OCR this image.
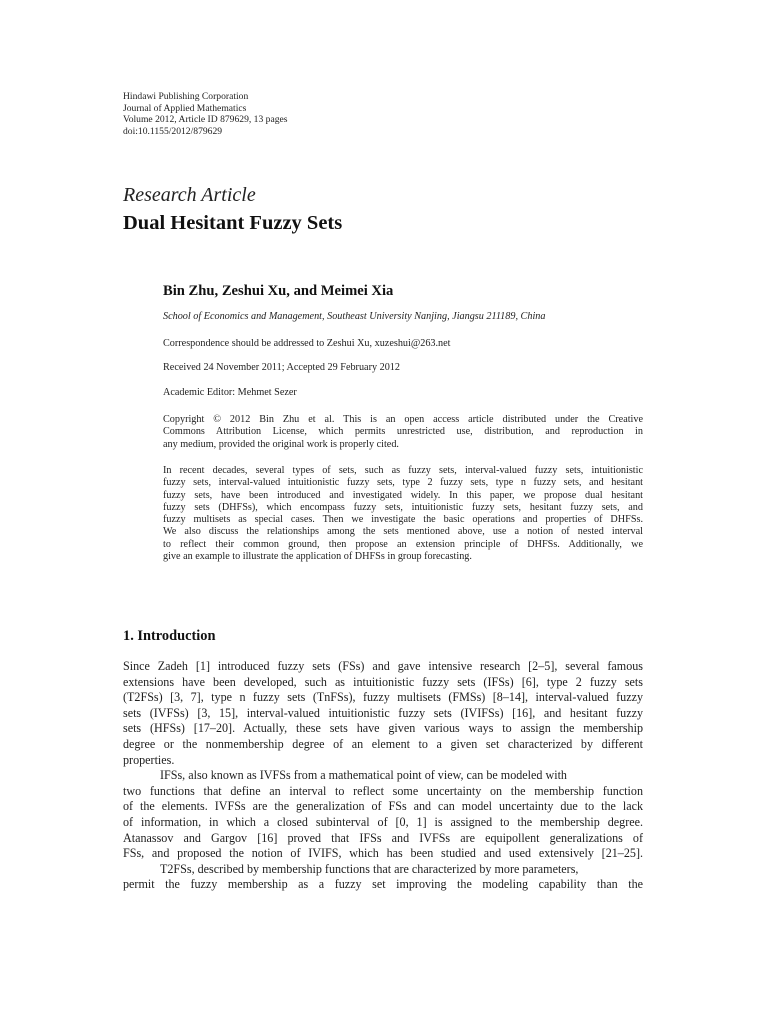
Hindawi Publishing Corporation
Journal of Applied Mathematics
Volume 2012, Article ID 879629, 13 pages
doi:10.1155/2012/879629
Research Article
Dual Hesitant Fuzzy Sets
Bin Zhu, Zeshui Xu, and Meimei Xia
School of Economics and Management, Southeast University Nanjing, Jiangsu 211189, China
Correspondence should be addressed to Zeshui Xu, xuzeshui@263.net
Received 24 November 2011; Accepted 29 February 2012
Academic Editor: Mehmet Sezer
Copyright © 2012 Bin Zhu et al. This is an open access article distributed under the Creative
Commons Attribution License, which permits unrestricted use, distribution, and reproduction in
any medium, provided the original work is properly cited.
In recent decades, several types of sets, such as fuzzy sets, interval-valued fuzzy sets, intuitionistic
fuzzy sets, interval-valued intuitionistic fuzzy sets, type 2 fuzzy sets, type n fuzzy sets, and hesitant
fuzzy sets, have been introduced and investigated widely. In this paper, we propose dual hesitant
fuzzy sets (DHFSs), which encompass fuzzy sets, intuitionistic fuzzy sets, hesitant fuzzy sets, and
fuzzy multisets as special cases. Then we investigate the basic operations and properties of DHFSs.
We also discuss the relationships among the sets mentioned above, use a notion of nested interval
to reflect their common ground, then propose an extension principle of DHFSs. Additionally, we
give an example to illustrate the application of DHFSs in group forecasting.
1. Introduction
Since Zadeh [1] introduced fuzzy sets (FSs) and gave intensive research [2–5], several famous
extensions have been developed, such as intuitionistic fuzzy sets (IFSs) [6], type 2 fuzzy sets
(T2FSs) [3, 7], type n fuzzy sets (TnFSs), fuzzy multisets (FMSs) [8–14], interval-valued fuzzy
sets (IVFSs) [3, 15], interval-valued intuitionistic fuzzy sets (IVIFSs) [16], and hesitant fuzzy
sets (HFSs) [17–20]. Actually, these sets have given various ways to assign the membership
degree or the nonmembership degree of an element to a given set characterized by different
properties.
IFSs, also known as IVFSs from a mathematical point of view, can be modeled with
two functions that define an interval to reflect some uncertainty on the membership function
of the elements. IVFSs are the generalization of FSs and can model uncertainty due to the lack
of information, in which a closed subinterval of [0, 1] is assigned to the membership degree.
Atanassov and Gargov [16] proved that IFSs and IVFSs are equipollent generalizations of
FSs, and proposed the notion of IVIFS, which has been studied and used extensively [21–25].
T2FSs, described by membership functions that are characterized by more parameters,
permit the fuzzy membership as a fuzzy set improving the modeling capability than the
